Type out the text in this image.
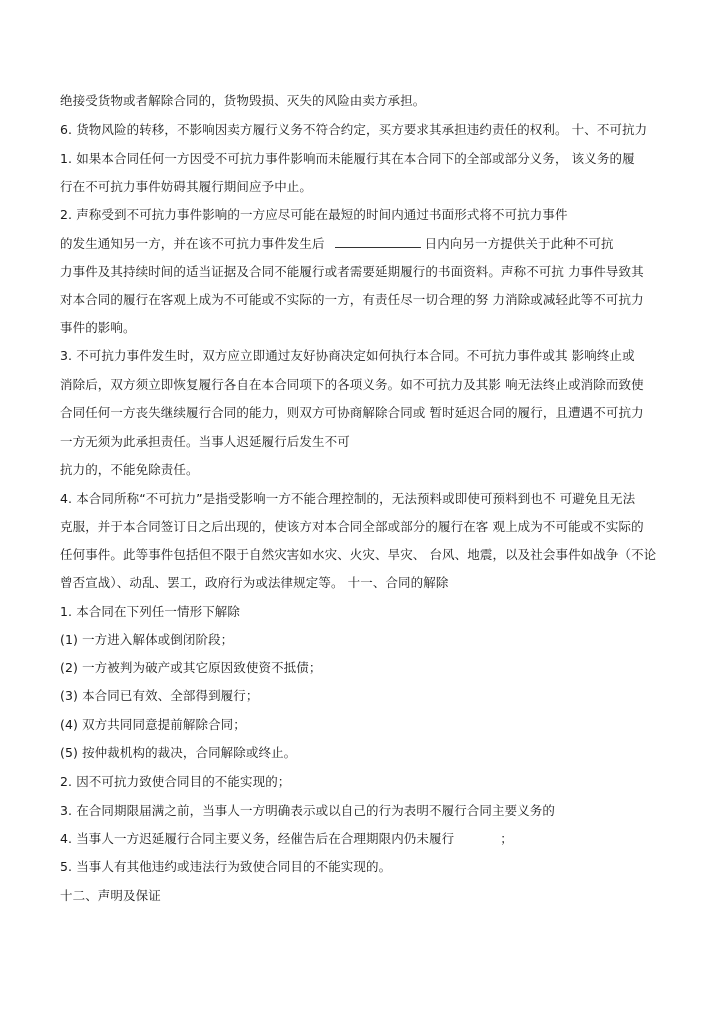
绝接受货物或者解除合同的，货物毁损、灭失的风险由卖方承担。
6. 货物风险的转移，不影响因卖方履行义务不符合约定，买方要求其承担违约责任的权利。 十、不可抗力
1. 如果本合同任何一方因受不可抗力事件影响而未能履行其在本合同下的全部或部分义务， 该义务的履
行在不可抗力事件妨碍其履行期间应予中止。
2. 声称受到不可抗力事件影响的一方应尽可能在最短的时间内通过书面形式将不可抗力事件
的发生通知另一方，并在该不可抗力事件发生后	日内向另一方提供关于此种不可抗
力事件及其持续时间的适当证据及合同不能履行或者需要延期履行的书面资料。声称不可抗 力事件导致其
对本合同的履行在客观上成为不可能或不实际的一方，有责任尽一切合理的努 力消除或减轻此等不可抗力
事件的影响。
3. 不可抗力事件发生时，双方应立即通过友好协商决定如何执行本合同。不可抗力事件或其 影响终止或
消除后，双方须立即恢复履行各自在本合同项下的各项义务。如不可抗力及其影 响无法终止或消除而致使
合同任何一方丧失继续履行合同的能力，则双方可协商解除合同或 暂时延迟合同的履行，且遭遇不可抗力
一方无须为此承担责任。当事人迟延履行后发生不可
抗力的，不能免除责任。
4. 本合同所称“不可抗力”是指受影响一方不能合理控制的，无法预料或即使可预料到也不 可避免且无法
克服，并于本合同签订日之后出现的，使该方对本合同全部或部分的履行在客 观上成为不可能或不实际的
任何事件。此等事件包括但不限于自然灾害如水灾、火灾、旱灾、 台风、地震，以及社会事件如战争（不论
曾否宣战）、动乱、罢工，政府行为或法律规定等。 十一、合同的解除
1. 本合同在下列任一情形下解除
(1) 一方进入解体或倒闭阶段；
(2) 一方被判为破产或其它原因致使资不抵债；
(3) 本合同已有效、全部得到履行；
(4) 双方共同同意提前解除合同；
(5) 按仲裁机构的裁决，合同解除或终止。
2. 因不可抗力致使合同目的不能实现的；
3. 在合同期限届满之前，当事人一方明确表示或以自己的行为表明不履行合同主要义务的
4. 当事人一方迟延履行合同主要义务，经催告后在合理期限内仍未履行	；
5. 当事人有其他违约或违法行为致使合同目的不能实现的。
十二、声明及保证
